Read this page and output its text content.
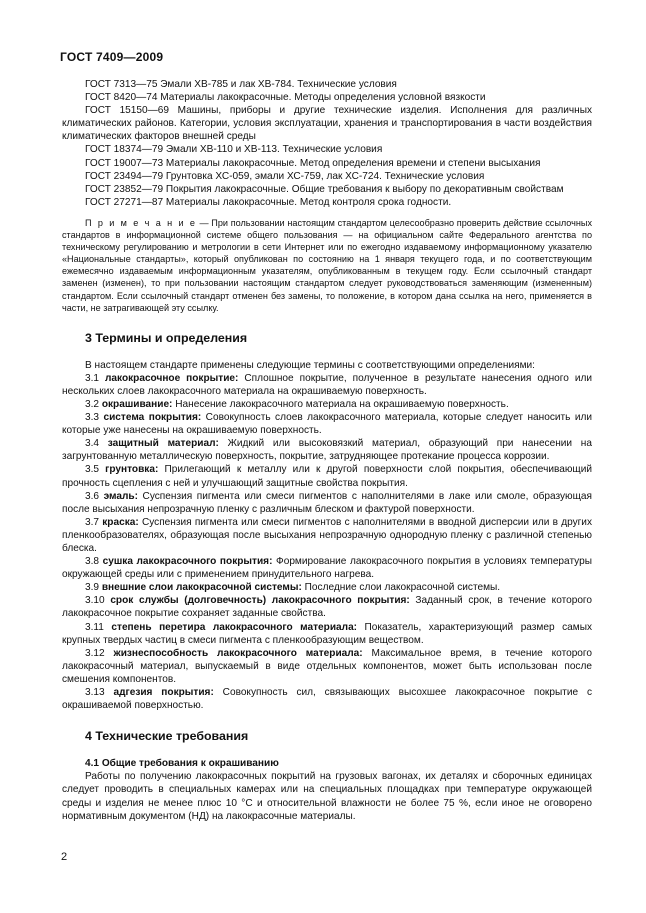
ГОСТ 7409—2009

ГОСТ 7313—75 Эмали ХВ-785 и лак ХВ-784. Технические условия

ГОСТ 8420—74 Материалы лакокрасочные. Методы определения условной вязкости

ГОСТ 15150—69 Машины, приборы и другие технические изделия. Исполнения для различных климатических районов. Категории, условия эксплуатации, хранения и транспортирования в части воздействия климатических факторов внешней среды

ГОСТ 18374—79 Эмали ХВ-110 и ХВ-113. Технические условия

ГОСТ 19007—73 Материалы лакокрасочные. Метод определения времени и степени высыхания

ГОСТ 23494—79 Грунтовка ХС-059, эмали ХС-759, лак ХС-724. Технические условия

ГОСТ 23852—79 Покрытия лакокрасочные. Общие требования к выбору по декоративным свойствам

ГОСТ 27271—87 Материалы лакокрасочные. Метод контроля срока годности.

П р и м е ч а н и е — При пользовании настоящим стандартом целесообразно проверить действие ссылочных стандартов в информационной системе общего пользования — на официальном сайте Федерального агентства по техническому регулированию и метрологии в сети Интернет или по ежегодно издаваемому информационному указателю «Национальные стандарты», который опубликован по состоянию на 1 января текущего года, и по соответствующим ежемесячно издаваемым информационным указателям, опубликованным в текущем году. Если ссылочный стандарт заменен (изменен), то при пользовании настоящим стандартом следует руководствоваться заменяющим (измененным) стандартом. Если ссылочный стандарт отменен без замены, то положение, в котором дана ссылка на него, применяется в части, не затрагивающей эту ссылку.

3 Термины и определения

В настоящем стандарте применены следующие термины с соответствующими определениями:

3.1 лакокрасочное покрытие: Сплошное покрытие, полученное в результате нанесения одного или нескольких слоев лакокрасочного материала на окрашиваемую поверхность.

3.2 окрашивание: Нанесение лакокрасочного материала на окрашиваемую поверхность.

3.3 система покрытия: Совокупность слоев лакокрасочного материала, которые следует наносить или которые уже нанесены на окрашиваемую поверхность.

3.4 защитный материал: Жидкий или высоковязкий материал, образующий при нанесении на загрунтованную металлическую поверхность, покрытие, затрудняющее протекание процесса коррозии.

3.5 грунтовка: Прилегающий к металлу или к другой поверхности слой покрытия, обеспечивающий прочность сцепления с ней и улучшающий защитные свойства покрытия.

3.6 эмаль: Суспензия пигмента или смеси пигментов с наполнителями в лаке или смоле, образующая после высыхания непрозрачную пленку с различным блеском и фактурой поверхности.

3.7 краска: Суспензия пигмента или смеси пигментов с наполнителями в вводной дисперсии или в других пленкообразователях, образующая после высыхания непрозрачную однородную пленку с различной степенью блеска.

3.8 сушка лакокрасочного покрытия: Формирование лакокрасочного покрытия в условиях температуры окружающей среды или с применением принудительного нагрева.

3.9 внешние слои лакокрасочной системы: Последние слои лакокрасочной системы.

3.10 срок службы (долговечность) лакокрасочного покрытия: Заданный срок, в течение которого лакокрасочное покрытие сохраняет заданные свойства.

3.11 степень перетира лакокрасочного материала: Показатель, характеризующий размер самых крупных твердых частиц в смеси пигмента с пленкообразующим веществом.

3.12 жизнеспособность лакокрасочного материала: Максимальное время, в течение которого лакокрасочный материал, выпускаемый в виде отдельных компонентов, может быть использован после смешения компонентов.

3.13 адгезия покрытия: Совокупность сил, связывающих высохшее лакокрасочное покрытие с окрашиваемой поверхностью.

4 Технические требования

4.1 Общие требования к окрашиванию

Работы по получению лакокрасочных покрытий на грузовых вагонах, их деталях и сборочных единицах следует проводить в специальных камерах или на специальных площадках при температуре окружающей среды и изделия не менее плюс 10 °С и относительной влажности не более 75 %, если иное не оговорено нормативным документом (НД) на лакокрасочные материалы.

2
